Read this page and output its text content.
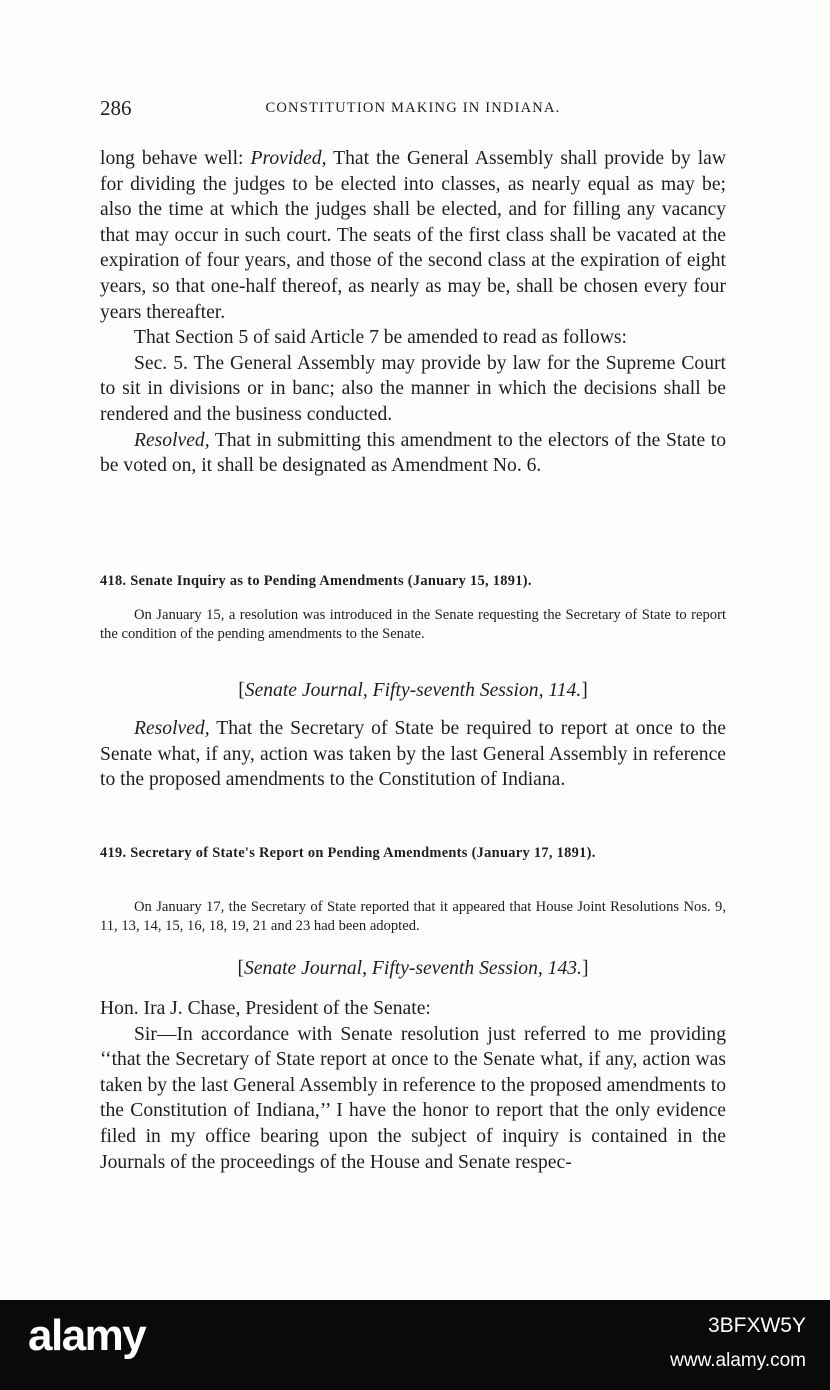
286	CONSTITUTION MAKING IN INDIANA.

long behave well: Provided, That the General Assembly shall provide by law for dividing the judges to be elected into classes, as nearly equal as may be; also the time at which the judges shall be elected, and for filling any vacancy that may occur in such court. The seats of the first class shall be vacated at the expiration of four years, and those of the second class at the expiration of eight years, so that one-half thereof, as nearly as may be, shall be chosen every four years thereafter.

That Section 5 of said Article 7 be amended to read as follows:

Sec. 5. The General Assembly may provide by law for the Supreme Court to sit in divisions or in banc; also the manner in which the decisions shall be rendered and the business conducted.

Resolved, That in submitting this amendment to the electors of the State to be voted on, it shall be designated as Amendment No. 6.

418. Senate Inquiry as to Pending Amendments (January 15, 1891).

On January 15, a resolution was introduced in the Senate requesting the Secretary of State to report the condition of the pending amendments to the Senate.

[Senate Journal, Fifty-seventh Session, 114.]

Resolved, That the Secretary of State be required to report at once to the Senate what, if any, action was taken by the last General Assembly in reference to the proposed amendments to the Constitution of Indiana.

419. Secretary of State's Report on Pending Amendments (January 17, 1891).

On January 17, the Secretary of State reported that it appeared that House Joint Resolutions Nos. 9, 11, 13, 14, 15, 16, 18, 19, 21 and 23 had been adopted.

[Senate Journal, Fifty-seventh Session, 143.]

Hon. Ira J. Chase, President of the Senate:

Sir—In accordance with Senate resolution just referred to me providing ‘‘that the Secretary of State report at once to the Senate what, if any, action was taken by the last General Assembly in reference to the proposed amendments to the Constitution of Indiana,’’ I have the honor to report that the only evidence filed in my office bearing upon the subject of inquiry is contained in the Journals of the proceedings of the House and Senate respec-

alamy	3BFXW5Y
www.alamy.com
